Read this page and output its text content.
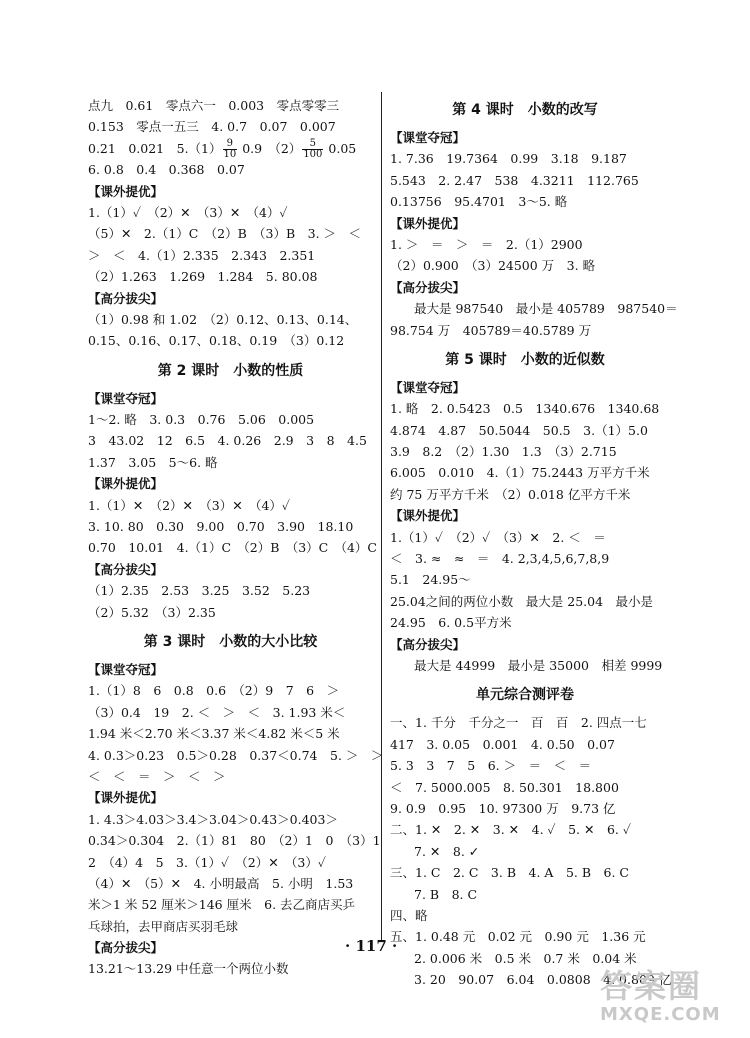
点九　0.61　零点六一　0.003　零点零零三
0.153　零点一五三　4. 0.7　0.07　0.007
0.21　0.021　$5.(1) \frac{9}{10} 0.9$　$(2) \frac{5}{100} 0.05$
6. 0.8　0.4　0.368　0.07
【课外提优】
1.（1）✓　（2）✕　（3）✕　（4）✓
（5）✕　2.（1）C　（2）B　（3）B　3. ＞　＜
＞　＜　4.（1）2.335　2.343　2.351
（2）1.263　1.269　1.284　5. 80.08
【高分拔尖】
（1）0.98 和 1.02　（2）0.12、0.13、0.14、
0.15、0.16、0.17、0.18、0.19　（3）0.12
第 2 课时　小数的性质
【课堂夺冠】
1～2. 略　3. 0.3　0.76　5.06　0.005
3　43.02　12　6.5　4. 0.26　2.9　3　8　4.5
1.37　3.05　5～6. 略
【课外提优】
1.（1）✕　（2）✕　（3）✕　（4）✓
3. 10. 80　0.30　9.00　0.70　3.90　18.10
0.70　10.01　4.（1）C　（2）B　（3）C　（4）C
【高分拔尖】
（1）2.35　2.53　3.25　3.52　5.23
（2）5.32　（3）2.35
第 3 课时　小数的大小比较
【课堂夺冠】
1.（1）8　6　0.8　0.6　（2）9　7　6　＞
（3）0.4　19　2. ＜　＞　＜　3. 1.93 米＜
1.94 米＜2.70 米＜3.37 米＜4.82 米＜5 米
4. 0.3＞0.23　0.5＞0.28　0.37＜0.74　5. ＞　＞
＜　＜　＝　＞　＜　＞
【课外提优】
1. 4.3＞4.03＞3.4＞3.04＞0.43＞0.403＞
0.34＞0.304　2.（1）81　80　（2）1　0　（3）1
2　（4）4　5　3.（1）✓　（2）✕　（3）✓
（4）✕　（5）✕　4. 小明最高　5. 小明　1.53
米＞1 米 52 厘米＞146 厘米　6. 去乙商店买乒
乓球拍，去甲商店买羽毛球
【高分拔尖】
13.21～13.29 中任意一个两位小数
第 4 课时　小数的改写
【课堂夺冠】
1. 7.36　19.7364　0.99　3.18　9.187
5.543　2. 2.47　538　4.3211　112.765
0.13756　95.4701　3～5. 略
【课外提优】
1. ＞　＝　＞　＝　2.（1）2900
（2）0.900　（3）24500 万　3. 略
【高分拔尖】
最大是 987540　最小是 405789　987540＝
98.754 万　405789＝40.5789 万
第 5 课时　小数的近似数
【课堂夺冠】
1. 略　2. 0.5423　0.5　1340.676　1340.68
4.874　4.87　50.5044　50.5　3.（1）5.0
3.9　8.2　（2）1.30　1.3　（3）2.715
6.005　0.010　4.（1）75.2443 万平方千米
约 75 万平方千米　（2）0.018 亿平方千米
【课外提优】
1.（1）✓　（2）✓　（3）✕　2. ＜　＝
＜　3. ≈　≈　＝　4. 2,3,4,5,6,7,8,9
5.1　24.95～
25.04之间的两位小数　最大是 25.04　最小是
24.95　6. 0.5平方米
【高分拔尖】
最大是 44999　最小是 35000　相差 9999
单元综合测评卷
一、1. 千分　千分之一　百　百　2. 四点一七
417　3. 0.05　0.001　4. 0.50　0.07
5. 3　3　7　5　6. ＞　＝　＜　＝
＜　7. 5000.005　8. 50.301　18.800
9. 0.9　0.95　10. 97300 万　9.73 亿
二、1. ✕　2. ✕　3. ✕　4. ✓　5. ✕　6. ✓
7. ✕　8. ✓
三、1. C　2. C　3. B　4. A　5. B　6. C
7. B　8. C
四、略
五、1. 0.48 元　0.02 元　0.90 元　1.36 元
2. 0.006 米　0.5 米　0.7 米　0.04 米
3. 20　90.07　6.04　0.0808　4. 0.809 亿
· 117 ·
答案圈
MXQE.COM
